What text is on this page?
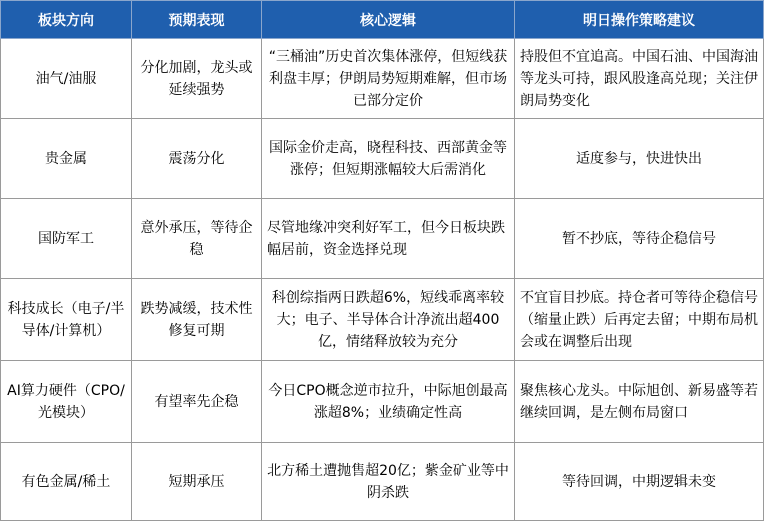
板块方向	预期表现	核心逻辑	明日操作策略建议
油气/油服	分化加剧，龙头或延续强势	“三桶油”历史首次集体涨停，但短线获利盘丰厚；伊朗局势短期难解，但市场已部分定价	持股但不宜追高。中国石油、中国海油等龙头可持，跟风股逢高兑现；关注伊朗局势变化
贵金属	震荡分化	国际金价走高，晓程科技、西部黄金等涨停；但短期涨幅较大后需消化	适度参与，快进快出
国防军工	意外承压，等待企稳	尽管地缘冲突利好军工，但今日板块跌幅居前，资金选择兑现	暂不抄底，等待企稳信号
科技成长（电子/半导体/计算机）	跌势减缓，技术性修复可期	科创综指两日跌超6%，短线乖离率较大；电子、半导体合计净流出超400亿，情绪释放较为充分	不宜盲目抄底。持仓者可等待企稳信号（缩量止跌）后再定去留；中期布局机会或在调整后出现
AI算力硬件（CPO/光模块）	有望率先企稳	今日CPO概念逆市拉升，中际旭创最高涨超8%；业绩确定性高	聚焦核心龙头。中际旭创、新易盛等若继续回调，是左侧布局窗口
有色金属/稀土	短期承压	北方稀土遭抛售超20亿；紫金矿业等中阴杀跌	等待回调，中期逻辑未变
